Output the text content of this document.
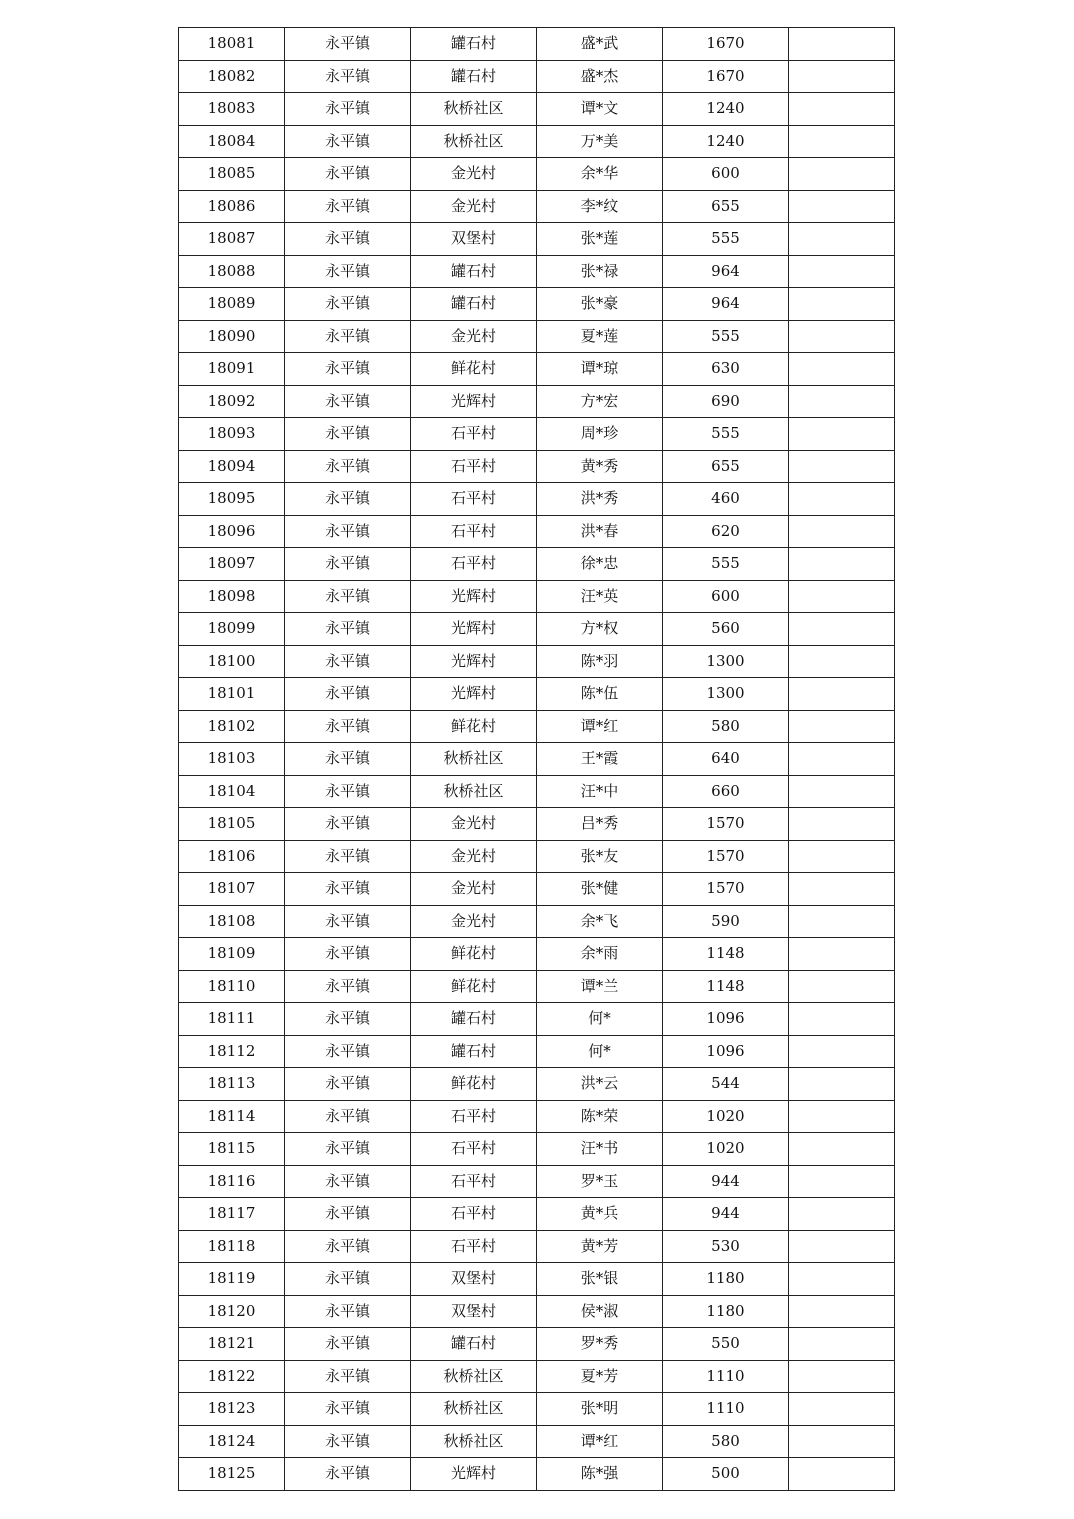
18081	永平镇	罐石村	盛*武	1670	
18082	永平镇	罐石村	盛*杰	1670	
18083	永平镇	秋桥社区	谭*文	1240	
18084	永平镇	秋桥社区	万*美	1240	
18085	永平镇	金光村	余*华	600	
18086	永平镇	金光村	李*纹	655	
18087	永平镇	双堡村	张*莲	555	
18088	永平镇	罐石村	张*禄	964	
18089	永平镇	罐石村	张*豪	964	
18090	永平镇	金光村	夏*莲	555	
18091	永平镇	鲜花村	谭*琼	630	
18092	永平镇	光辉村	方*宏	690	
18093	永平镇	石平村	周*珍	555	
18094	永平镇	石平村	黄*秀	655	
18095	永平镇	石平村	洪*秀	460	
18096	永平镇	石平村	洪*春	620	
18097	永平镇	石平村	徐*忠	555	
18098	永平镇	光辉村	汪*英	600	
18099	永平镇	光辉村	方*权	560	
18100	永平镇	光辉村	陈*羽	1300	
18101	永平镇	光辉村	陈*伍	1300	
18102	永平镇	鲜花村	谭*红	580	
18103	永平镇	秋桥社区	王*霞	640	
18104	永平镇	秋桥社区	汪*中	660	
18105	永平镇	金光村	吕*秀	1570	
18106	永平镇	金光村	张*友	1570	
18107	永平镇	金光村	张*健	1570	
18108	永平镇	金光村	余*飞	590	
18109	永平镇	鲜花村	余*雨	1148	
18110	永平镇	鲜花村	谭*兰	1148	
18111	永平镇	罐石村	何*	1096	
18112	永平镇	罐石村	何*	1096	
18113	永平镇	鲜花村	洪*云	544	
18114	永平镇	石平村	陈*荣	1020	
18115	永平镇	石平村	汪*书	1020	
18116	永平镇	石平村	罗*玉	944	
18117	永平镇	石平村	黄*兵	944	
18118	永平镇	石平村	黄*芳	530	
18119	永平镇	双堡村	张*银	1180	
18120	永平镇	双堡村	侯*淑	1180	
18121	永平镇	罐石村	罗*秀	550	
18122	永平镇	秋桥社区	夏*芳	1110	
18123	永平镇	秋桥社区	张*明	1110	
18124	永平镇	秋桥社区	谭*红	580	
18125	永平镇	光辉村	陈*强	500	
